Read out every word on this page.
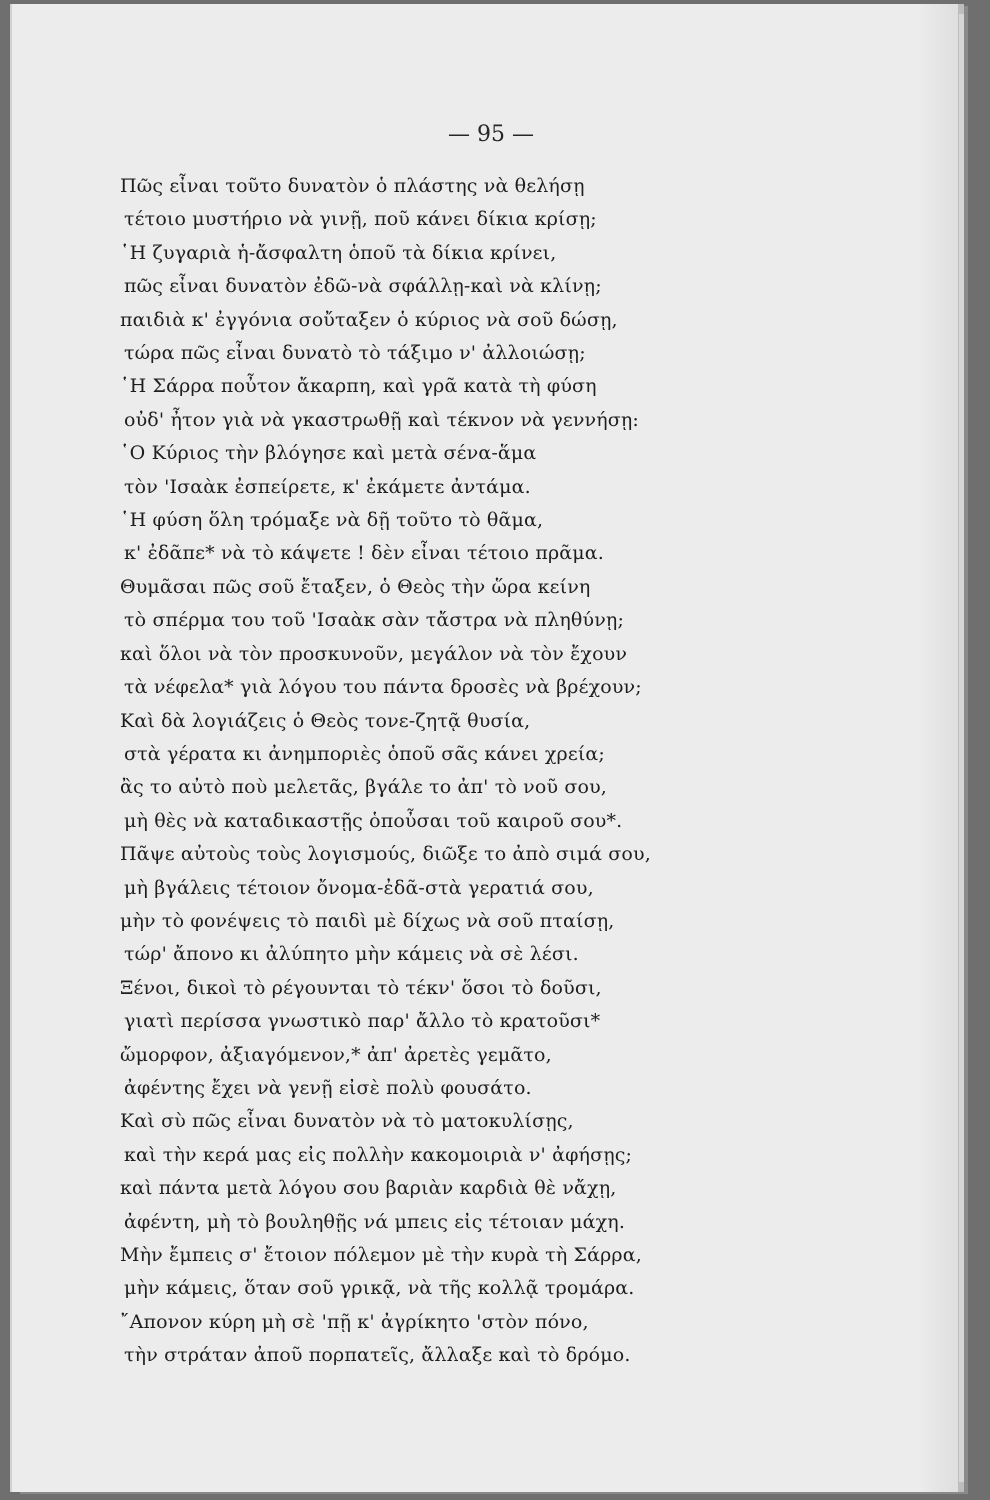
— 95 —
Πῶς εἶναι τοῦτο δυνατὸν ὁ πλάστης νὰ θελήσῃ
τέτοιο μυστήριο νὰ γινῇ, ποῦ κάνει δίκια κρίσῃ;
῾Η ζυγαριὰ ἡ-ἄσφαλτη ὁποῦ τὰ δίκια κρίνει,
πῶς εἶναι δυνατὸν ἐδῶ-νὰ σφάλλῃ-καὶ νὰ κλίνῃ;
παιδιὰ κ' ἐγγόνια σοὔταξεν ὁ κύριος νὰ σοῦ δώσῃ,
τώρα πῶς εἶναι δυνατὸ τὸ τάξιμο ν' ἀλλοιώσῃ;
῾Η Σάρρα ποὖτον ἄκαρπη, καὶ γρᾶ κατὰ τὴ φύση
οὐδ' ἦτον γιὰ νὰ γκαστρωθῇ καὶ τέκνον νὰ γεννήσῃ:
῾Ο Κύριος τὴν βλόγησε καὶ μετὰ σένα-ἅμα
τὸν 'Ισαὰκ ἐσπείρετε, κ' ἐκάμετε ἀντάμα.
῾Η φύση ὅλη τρόμαξε νὰ δῇ τοῦτο τὸ θᾶμα,
κ' ἐδᾶπε* νὰ τὸ κάψετε ! δὲν εἶναι τέτοιο πρᾶμα.
Θυμᾶσαι πῶς σοῦ ἔταξεν, ὁ Θεὸς τὴν ὥρα κείνη
τὸ σπέρμα του τοῦ 'Ισαὰκ σὰν τἄστρα νὰ πληθύνῃ;
καὶ ὅλοι νὰ τὸν προσκυνοῦν, μεγάλον νὰ τὸν ἔχουν
τὰ νέφελα* γιὰ λόγου του πάντα δροσὲς νὰ βρέχουν;
Καὶ δὰ λογιάζεις ὁ Θεὸς τονε-ζητᾷ θυσία,
στὰ γέρατα κι ἀνημποριὲς ὁποῦ σᾶς κάνει χρεία;
ἂς το αὐτὸ ποὺ μελετᾶς, βγάλε το ἀπ' τὸ νοῦ σου,
μὴ θὲς νὰ καταδικαστῇς ὁποὖσαι τοῦ καιροῦ σου*.
Πᾶψε αὐτοὺς τοὺς λογισμούς, διῶξε το ἀπὸ σιμά σου,
μὴ βγάλεις τέτοιον ὄνομα-ἐδᾶ-στὰ γερατιά σου,
μὴν τὸ φονέψεις τὸ παιδὶ μὲ δίχως νὰ σοῦ πταίσῃ,
τώρ' ἄπονο κι ἀλύπητο μὴν κάμεις νὰ σὲ λέσι.
Ξένοι, δικοὶ τὸ ρέγουνται τὸ τέκν' ὅσοι τὸ δοῦσι,
γιατὶ περίσσα γνωστικὸ παρ' ἄλλο τὸ κρατοῦσι*
ὤμορφον, ἀξιαγόμενον,* ἀπ' ἀρετὲς γεμᾶτο,
ἀφέντης ἔχει νὰ γενῇ εἰσὲ πολὺ φουσάτο.
Καὶ σὺ πῶς εἶναι δυνατὸν νὰ τὸ ματοκυλίσῃς,
καὶ τὴν κερά μας εἰς πολλὴν κακομοιριὰ ν' ἀφήσῃς;
καὶ πάντα μετὰ λόγου σου βαριὰν καρδιὰ θὲ νἄχῃ,
ἀφέντη, μὴ τὸ βουληθῇς νά μπεις εἰς τέτοιαν μάχη.
Μὴν ἔμπεις σ' ἔτοιον πόλεμον μὲ τὴν κυρὰ τὴ Σάρρα,
μὴν κάμεις, ὅταν σοῦ γρικᾷ, νὰ τῆς κολλᾷ τρομάρα.
῎Απονον κύρη μὴ σὲ 'πῇ κ' ἀγρίκητο 'στὸν πόνο,
τὴν στράταν ἀποῦ πορπατεῖς, ἄλλαξε καὶ τὸ δρόμο.
